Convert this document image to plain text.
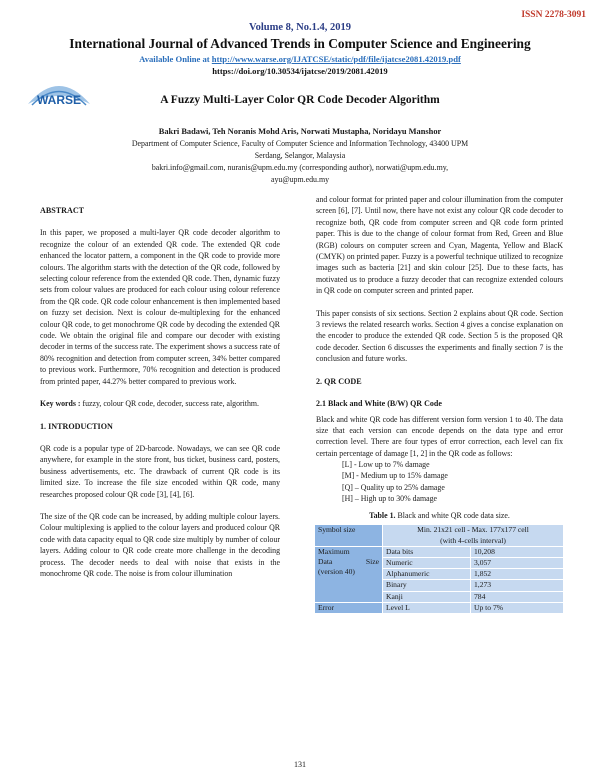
ISSN 2278-3091
Volume 8, No.1.4, 2019
International Journal of Advanced Trends in Computer Science and Engineering
Available Online at http://www.warse.org/IJATCSE/static/pdf/file/ijatcse2081.42019.pdf
https://doi.org/10.30534/ijatcse/2019/2081.42019
WARSE	A Fuzzy Multi-Layer Color QR Code Decoder Algorithm
Bakri Badawi, Teh Noranis Mohd Aris, Norwati Mustapha, Noridayu Manshor
Department of Computer Science, Faculty of Computer Science and Information Technology, 43400 UPM
Serdang, Selangor, Malaysia
bakri.info@gmail.com, nuranis@upm.edu.my (corresponding author), norwati@upm.edu.my,
ayu@upm.edu.my
ABSTRACT

In this paper, we proposed a multi-layer QR code decoder algorithm to recognize the colour of an extended QR code. The extended QR code enhanced the locator pattern, a component in the QR code to provide more colours. The algorithm starts with the detection of the QR code, followed by selecting colour reference from the extended QR code. Then, dynamic fuzzy sets from colour values are produced for each colour using colour reference from the QR code. QR code colour enhancement is then implemented based on fuzzy set decision. Next is colour de-multiplexing for the enhanced colour QR code, to get monochrome QR code by decoding the extended QR code. We obtain the original file and compare our decoder with existing decoder in terms of the success rate. The experiment shows a success rate of 80% recognition and detection from computer screen, 34% better compared to previous work. Furthermore, 70% recognition and detection is produced from printed paper, 44.27% better compared to previous work.

Key words : fuzzy, colour QR code, decoder, success rate, algorithm.

1. INTRODUCTION

QR code is a popular type of 2D-barcode. Nowadays, we can see QR code anywhere, for example in the store front, bus ticket, business card, posters, business advertisements, etc. The drawback of current QR code is its limited size. To increase the file size encoded within QR code, many researches proposed colour QR code [3], [4], [6].

The size of the QR code can be increased, by adding multiple colour layers. Colour multiplexing is applied to the colour layers and produced colour QR code with data capacity equal to QR code size multiply by number of colour layers. Adding colour to QR code create more challenge in the decoding process. The decoder needs to deal with noise that exists in the monochrome QR code. The noise is from colour illumination

and colour format for printed paper and colour illumination from the computer screen [6], [7]. Until now, there have not exist any colour QR code decoder to recognize both, QR code from computer screen and QR code form printed paper. This is due to the change of colour format from Red, Green and Blue (RGB) colours on computer screen and Cyan, Magenta, Yellow and BlacK (CMYK) on printed paper. Fuzzy is a powerful technique utilized to recognize images such as bacteria [21] and skin colour [25]. Due to these facts, has motivated us to produce a fuzzy decoder that can recognize extended colours in QR code on computer screen and printed paper.

This paper consists of six sections. Section 2 explains about QR code. Section 3 reviews the related research works. Section 4 gives a concise explanation on the encoder to produce the extended QR code. Section 5 is the proposed QR code decoder. Section 6 discusses the experiments and finally section 7 is the conclusion and future works.

2. QR CODE
2.1 Black and White (B/W) QR Code

Black and white QR code has different version form version 1 to 40. The data size that each version can encode depends on the data type and error correction level. There are four types of error correction, each level can fix certain percentage of damage [1, 2] in the QR code as follows:

[L] - Low up to 7% damage
[M] - Medium up to 15% damage
[Q] – Quality up to 25% damage
[H] – High up to 30% damage
Table 1. Black and white QR code data size.
Symbol size	Min. 21x21 cell - Max. 177x177 cell
(with 4-cells interval)	

Maximum
Data Size
(version 40)	Data bits	10,208
	Numeric	3,057
	Alphanumeric	1,852
	Binary	1,273
	Kanji	784
Error	Level L	Up to 7%
131
